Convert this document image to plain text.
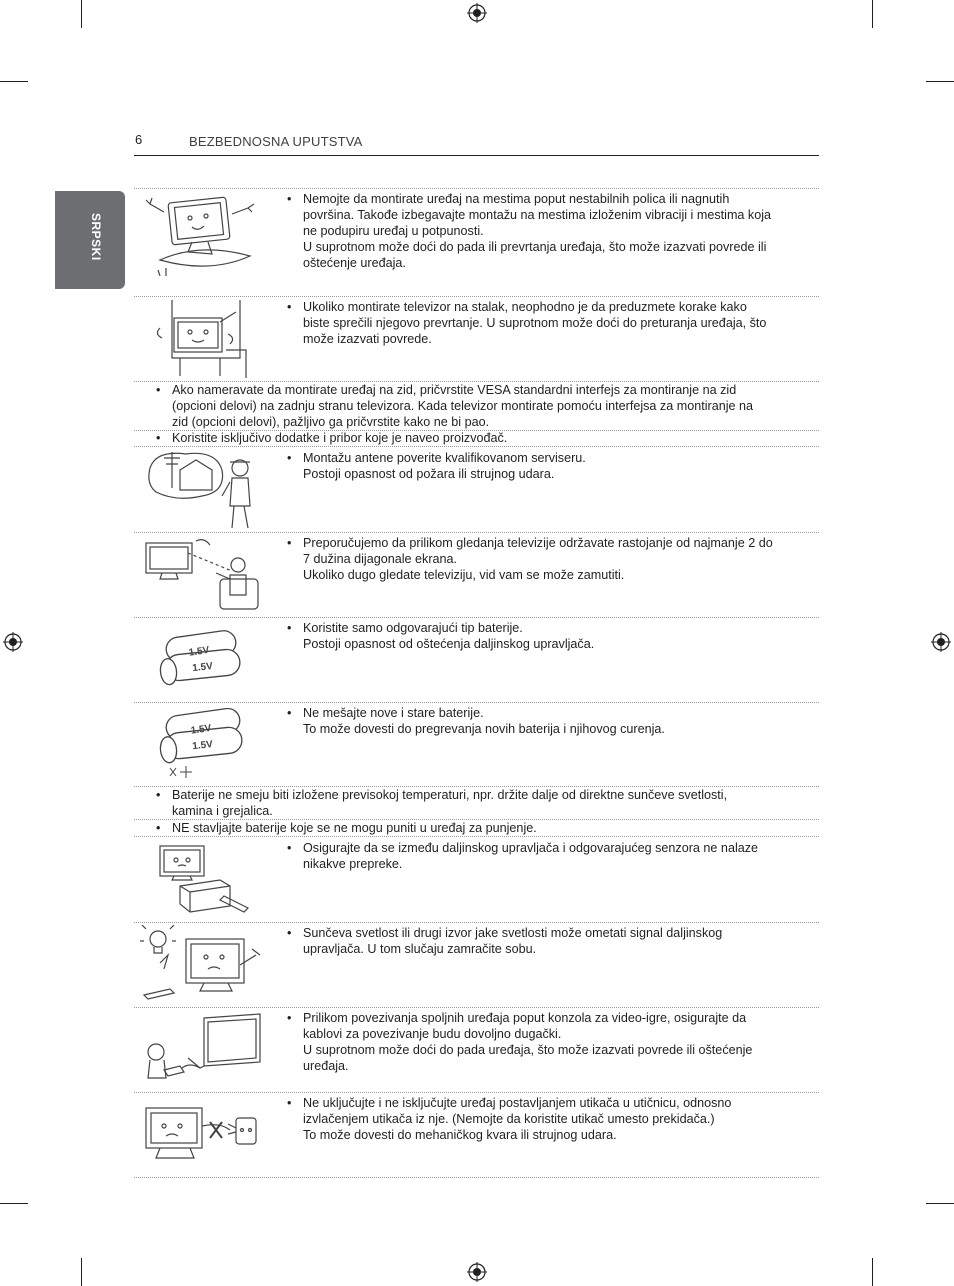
SRPSKI
6	BEZBEDNOSNA UPUTSTVA
• Nemojte da montirate uređaj na mestima poput nestabilnih polica ili nagnutih

površina. Takođe izbegavajte montažu na mestima izloženim vibraciji i mestima koja

ne podupiru uređaj u potpunosti.

U suprotnom može doći do pada ili prevrtanja uređaja, što može izazvati povrede ili

oštećenje uređaja.

• Ukoliko montirate televizor na stalak, neophodno je da preduzmete korake kako

biste sprečili njegovo prevrtanje. U suprotnom može doći do preturanja uređaja, što

može izazvati povrede.

• Ako nameravate da montirate uređaj na zid, pričvrstite VESA standardni interfejs za montiranje na zid

(opcioni delovi) na zadnju stranu televizora. Kada televizor montirate pomoću interfejsa za montiranje na

zid (opcioni delovi), pažljivo ga pričvrstite kako ne bi pao.

• Koristite isključivo dodatke i pribor koje je naveo proizvođač.

• Montažu antene poverite kvalifikovanom serviseru.

Postoji opasnost od požara ili strujnog udara.

• Preporučujemo da prilikom gledanja televizije održavate rastojanje od najmanje 2 do

7 dužina dijagonale ekrana.

Ukoliko dugo gledate televiziju, vid vam se može zamutiti.

• Koristite samo odgovarajući tip baterije.

Postoji opasnost od oštećenja daljinskog upravljača.

• Ne mešajte nove i stare baterije.

To može dovesti do pregrevanja novih baterija i njihovog curenja.

• Baterije ne smeju biti izložene previsokoj temperaturi, npr. držite dalje od direktne sunčeve svetlosti,

kamina i grejalica.

• NE stavljajte baterije koje se ne mogu puniti u uređaj za punjenje.

• Osigurajte da se između daljinskog upravljača i odgovarajućeg senzora ne nalaze

nikakve prepreke.

• Sunčeva svetlost ili drugi izvor jake svetlosti može ometati signal daljinskog

upravljača. U tom slučaju zamračite sobu.

• Prilikom povezivanja spoljnih uređaja poput konzola za video-igre, osigurajte da

kablovi za povezivanje budu dovoljno dugački.

U suprotnom može doći do pada uređaja, što može izazvati povrede ili oštećenje

uređaja.

• Ne uključujte i ne isključujte uređaj postavljanjem utikača u utičnicu, odnosno

izvlačenjem utikača iz nje. (Nemojte da koristite utikač umesto prekidača.)

To može dovesti do mehaničkog kvara ili strujnog udara.

1.5V
1.5V
1.5V
1.5V
